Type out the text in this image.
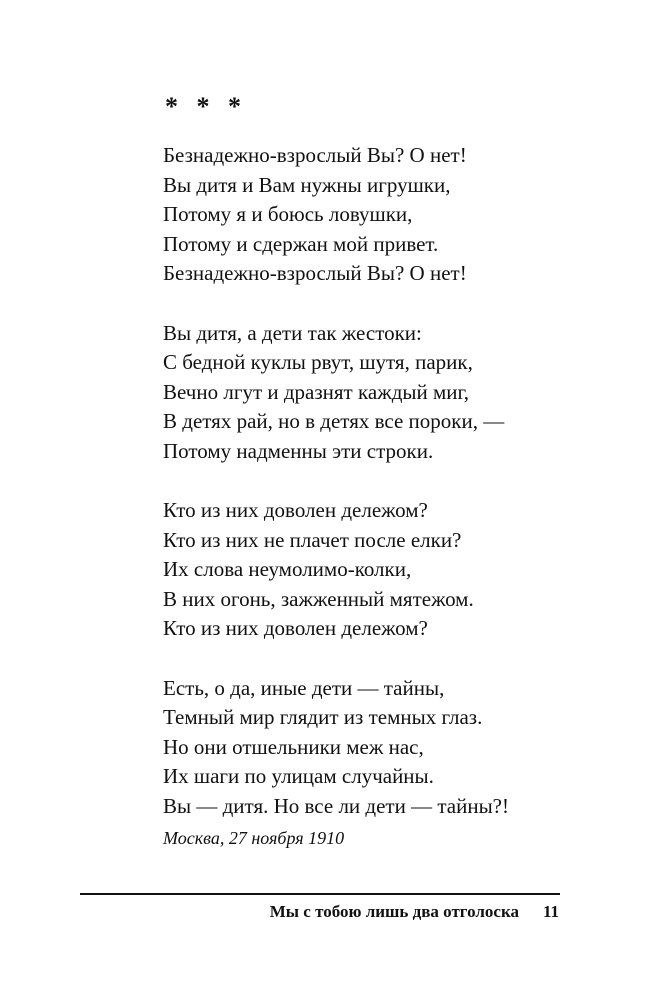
* * *
Безнадежно-взрослый Вы? О нет!
Вы дитя и Вам нужны игрушки,
Потому я и боюсь ловушки,
Потому и сдержан мой привет.
Безнадежно-взрослый Вы? О нет!
Вы дитя, а дети так жестоки:
С бедной куклы рвут, шутя, парик,
Вечно лгут и дразнят каждый миг,
В детях рай, но в детях все пороки, —
Потому надменны эти строки.
Кто из них доволен дележом?
Кто из них не плачет после елки?
Их слова неумолимо-колки,
В них огонь, зажженный мятежом.
Кто из них доволен дележом?
Есть, о да, иные дети — тайны,
Темный мир глядит из темных глаз.
Но они отшельники меж нас,
Их шаги по улицам случайны.
Вы — дитя. Но все ли дети — тайны?!
Москва, 27 ноября 1910
Мы с тобою лишь два отголоска 11
